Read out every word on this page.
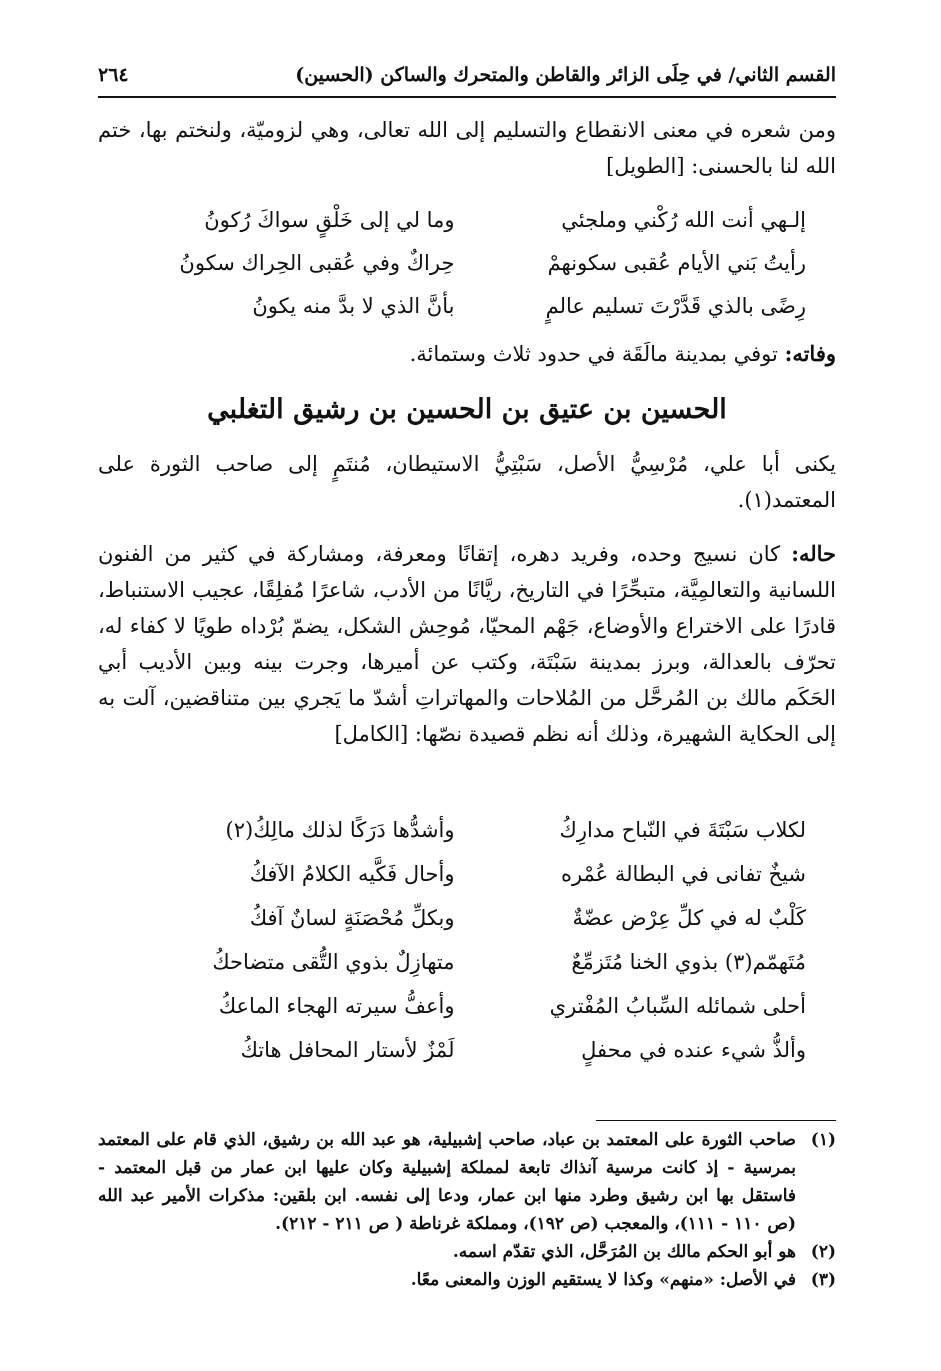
القسم الثاني/ في حِلَى الزائر والقاطن والمتحرك والساكن (الحسين)
٢٦٤
ومن شعره في معنى الانقطاع والتسليم إلى الله تعالى، وهي لزوميّة، ولنختم بها، ختم الله لنا بالحسنى: [الطويل]
إلـهي أنت الله رُكْني وملجئي
وما لي إلى خَلْقٍ سواكَ رُكونُ
رأيتُ بَني الأيام عُقبى سكونهمْ
حِراكٌ وفي عُقبى الحِراك سكونُ
رِضًى بالذي قَدَّرْتَ تسليم عالمٍ
بأنَّ الذي لا بدَّ منه يكونُ
وفاته: توفي بمدينة مالَقَة في حدود ثلاث وستمائة.
الحسين بن عتيق بن الحسين بن رشيق التغلبي
يكنى أبا علي، مُرْسِيُّ الأصل، سَبْتِيُّ الاستيطان، مُنتَمٍ إلى صاحب الثورة على المعتمد(١).
حاله: كان نسيج وحده، وفريد دهره، إتقانًا ومعرفة، ومشاركة في كثير من الفنون اللسانية والتعالمِيَّة، متبحِّرًا في التاريخ، ريَّانًا من الأدب، شاعرًا مُفلِقًا، عجيب الاستنباط، قادرًا على الاختراع والأوضاع، جَهْم المحيّا، مُوحِش الشكل، يضمّ بُرْداه طويًا لا كفاء له، تحرّف بالعدالة، وبرز بمدينة سَبْتَة، وكتب عن أميرها، وجرت بينه وبين الأديب أبي الحَكَم مالك بن المُرحَّل من المُلاحات والمهاتراتِ أشدّ ما يَجري بين متناقضين، آلت به إلى الحكاية الشهيرة، وذلك أنه نظم قصيدة نصّها: [الكامل]
لكلاب سَبْتَةَ في النّباح مدارِكُ
وأشدُّها دَرَكًا لذلك مالِكُ(٢)
شيخٌ تفانى في البطالة عُمْره
وأحال فَكَّيه الكلامُ الآفكُ
كَلْبٌ له في كلِّ عِرْض عضّةٌ
وبكلِّ مُحْصَنَةٍ لسانٌ آفكُ
مُتَهمّم(٣) بذوي الخنا مُتَزمِّعٌ
متهازِلٌ بذوي التُّقى متضاحكُ
أحلى شمائله السِّبابُ المُفْتري
وأعفُّ سيرته الهجاء الماعكُ
وألذُّ شيء عنده في محفلٍ
لَمْزٌ لأستار المحافل هاتكُ
(١)
صاحب الثورة على المعتمد بن عباد، صاحب إشبيلية، هو عبد الله بن رشيق، الذي قام على المعتمد بمرسية - إذ كانت مرسية آنذاك تابعة لمملكة إشبيلية وكان عليها ابن عمار من قبل المعتمد - فاستقل بها ابن رشيق وطرد منها ابن عمار، ودعا إلى نفسه. ابن بلقين: مذكرات الأمير عبد الله (ص ١١٠ - ١١١)، والمعجب (ص ١٩٢)، ومملكة غرناطة ( ص ٢١١ - ٢١٢).
(٢)
هو أبو الحكم مالك بن المُرَحَّل، الذي تقدّم اسمه.
(٣)
في الأصل: «منهم» وكذا لا يستقيم الوزن والمعنى معًا.
